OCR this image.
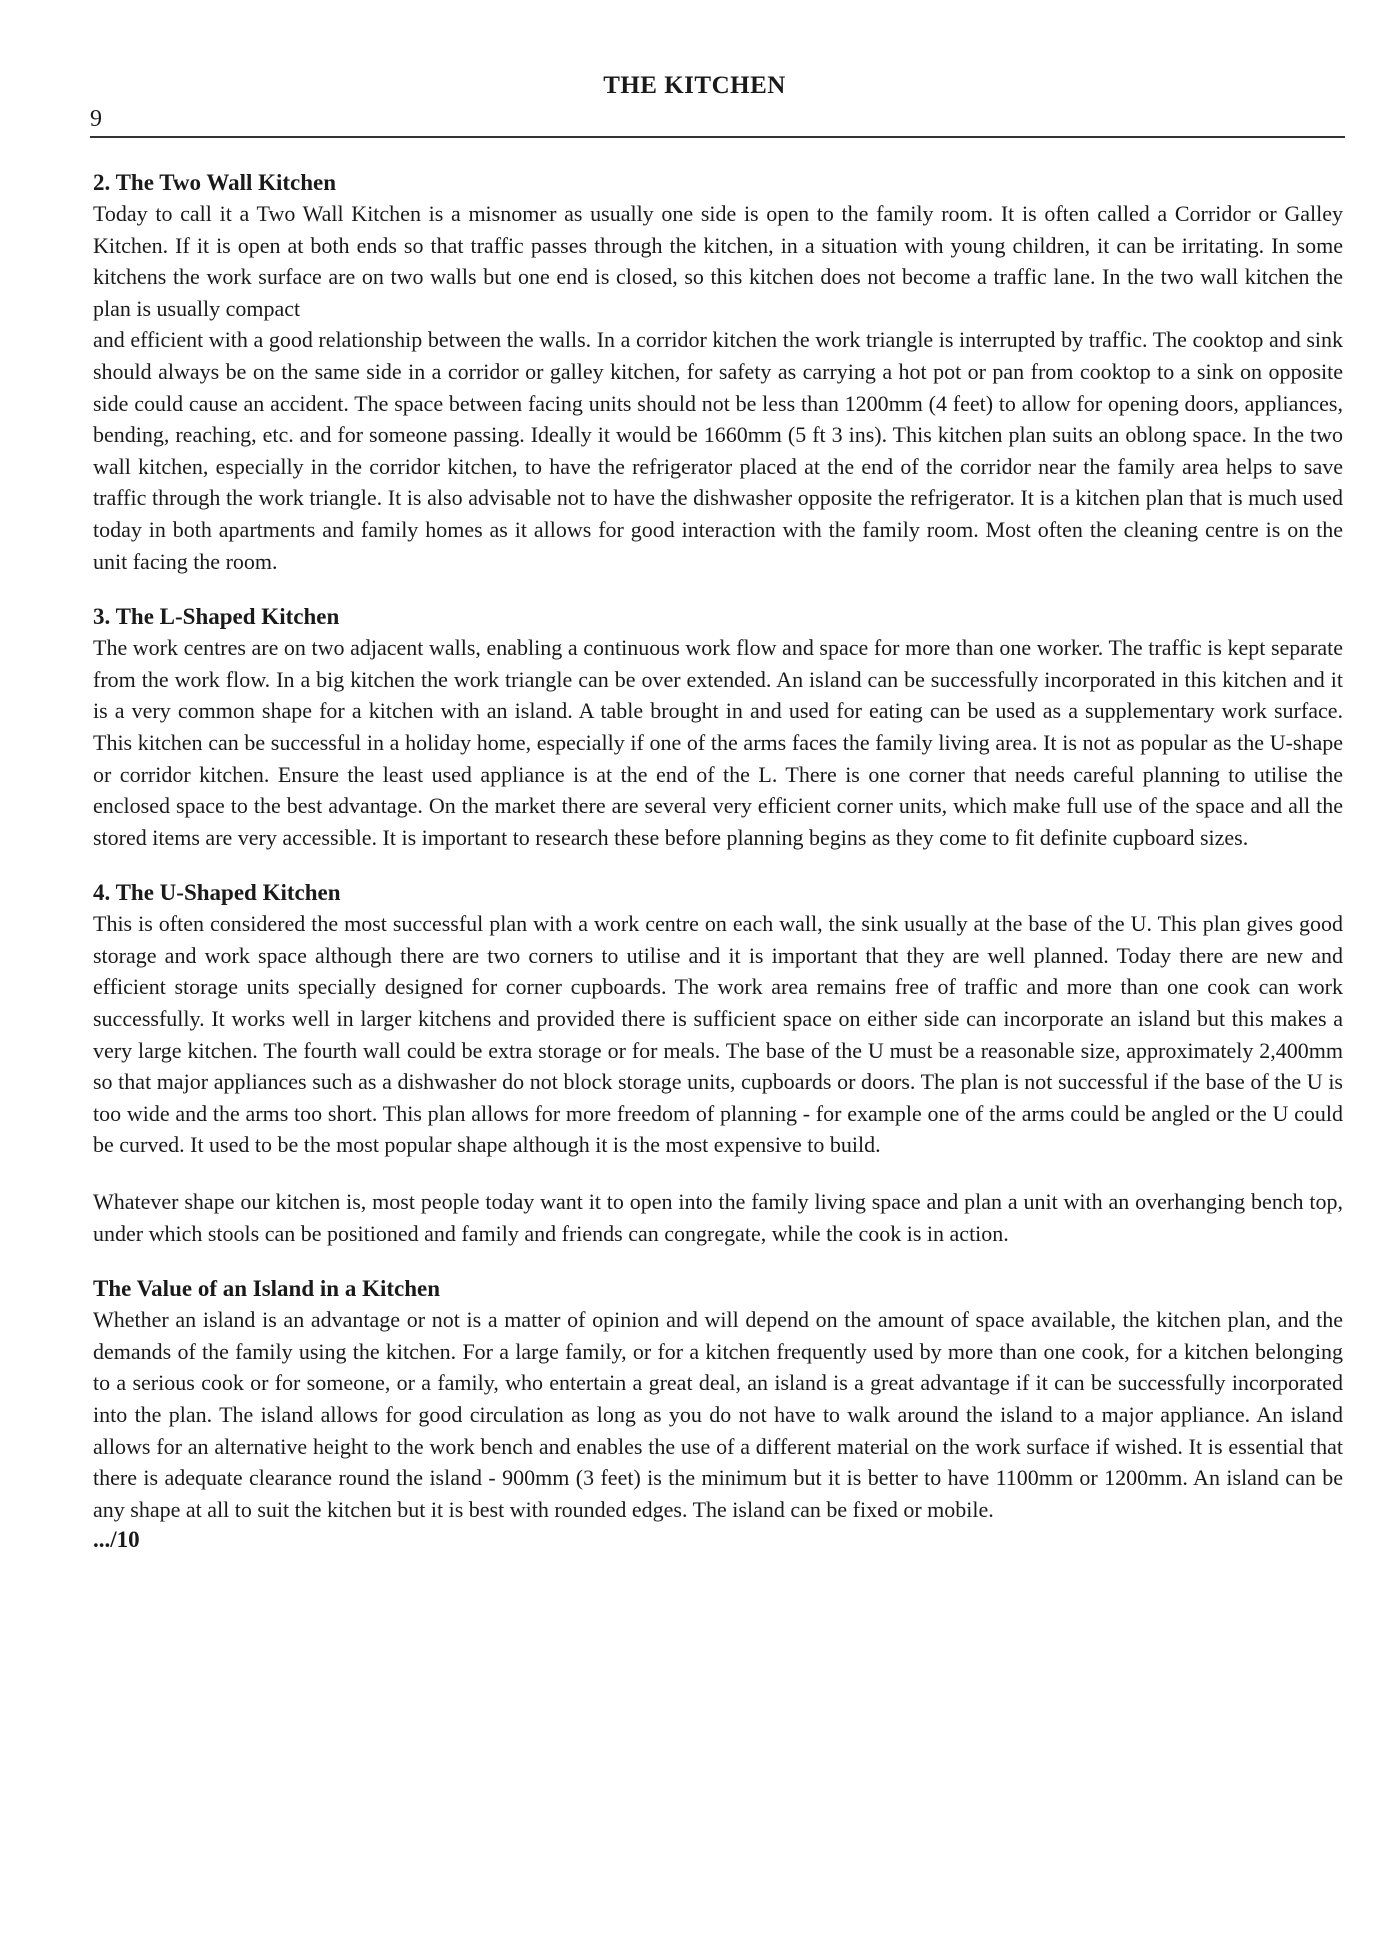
THE KITCHEN
9
2. The Two Wall Kitchen

Today to call it a Two Wall Kitchen is a misnomer as usually one side is open to the family room. It is often called a Corridor or Galley Kitchen. If it is open at both ends so that traffic passes through the kitchen, in a situation with young children, it can be irritating. In some kitchens the work surface are on two walls but one end is closed, so this kitchen does not become a traffic lane. In the two wall kitchen the plan is usually compact

and efficient with a good relationship between the walls. In a corridor kitchen the work triangle is interrupted by traffic. The cooktop and sink should always be on the same side in a corridor or galley kitchen, for safety as carrying a hot pot or pan from cooktop to a sink on opposite side could cause an accident. The space between facing units should not be less than 1200mm (4 feet) to allow for opening doors, appliances, bending, reaching, etc. and for someone passing. Ideally it would be 1660mm (5 ft 3 ins). This kitchen plan suits an oblong space. In the two wall kitchen, especially in the corridor kitchen, to have the refrigerator placed at the end of the corridor near the family area helps to save traffic through the work triangle. It is also advisable not to have the dishwasher opposite the refrigerator. It is a kitchen plan that is much used today in both apartments and family homes as it allows for good interaction with the family room. Most often the cleaning centre is on the unit facing the room.

3. The L-Shaped Kitchen

The work centres are on two adjacent walls, enabling a continuous work flow and space for more than one worker. The traffic is kept separate from the work flow. In a big kitchen the work triangle can be over extended. An island can be successfully incorporated in this kitchen and it is a very common shape for a kitchen with an island. A table brought in and used for eating can be used as a supplementary work surface. This kitchen can be successful in a holiday home, especially if one of the arms faces the family living area. It is not as popular as the U-shape or corridor kitchen. Ensure the least used appliance is at the end of the L. There is one corner that needs careful planning to utilise the enclosed space to the best advantage. On the market there are several very efficient corner units, which make full use of the space and all the stored items are very accessible. It is important to research these before planning begins as they come to fit definite cupboard sizes.

4. The U-Shaped Kitchen

This is often considered the most successful plan with a work centre on each wall, the sink usually at the base of the U. This plan gives good storage and work space although there are two corners to utilise and it is important that they are well planned. Today there are new and efficient storage units specially designed for corner cupboards. The work area remains free of traffic and more than one cook can work successfully. It works well in larger kitchens and provided there is sufficient space on either side can incorporate an island but this makes a very large kitchen. The fourth wall could be extra storage or for meals. The base of the U must be a reasonable size, approximately 2,400mm so that major appliances such as a dishwasher do not block storage units, cupboards or doors. The plan is not successful if the base of the U is too wide and the arms too short. This plan allows for more freedom of planning - for example one of the arms could be angled or the U could be curved. It used to be the most popular shape although it is the most expensive to build.

Whatever shape our kitchen is, most people today want it to open into the family living space and plan a unit with an overhanging bench top, under which stools can be positioned and family and friends can congregate, while the cook is in action.

The Value of an Island in a Kitchen

Whether an island is an advantage or not is a matter of opinion and will depend on the amount of space available, the kitchen plan, and the demands of the family using the kitchen. For a large family, or for a kitchen frequently used by more than one cook, for a kitchen belonging to a serious cook or for someone, or a family, who entertain a great deal, an island is a great advantage if it can be successfully incorporated into the plan. The island allows for good circulation as long as you do not have to walk around the island to a major appliance. An island allows for an alternative height to the work bench and enables the use of a different material on the work surface if wished. It is essential that there is adequate clearance round the island - 900mm (3 feet) is the minimum but it is better to have 1100mm or 1200mm. An island can be any shape at all to suit the kitchen but it is best with rounded edges. The island can be fixed or mobile.

.../10
